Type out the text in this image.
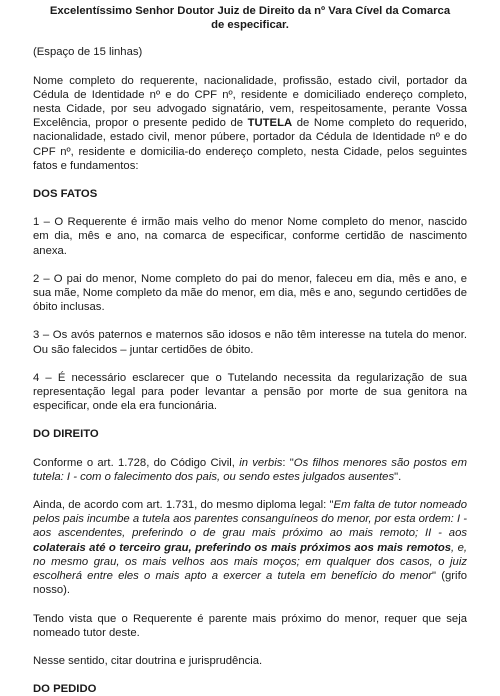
Excelentíssimo Senhor Doutor Juiz de Direito da nº Vara Cível da Comarca
de especificar.

(Espaço de 15 linhas)

Nome completo do requerente, nacionalidade, profissão, estado civil, portador da Cédula de Identidade nº e do CPF nº, residente e domiciliado endereço completo, nesta Cidade, por seu advogado signatário, vem, respeitosamente, perante Vossa Excelência, propor o presente pedido de TUTELA de Nome completo do requerido, nacionalidade, estado civil, menor púbere, portador da Cédula de Identidade nº e do CPF nº, residente e domicilia-do endereço completo, nesta Cidade, pelos seguintes fatos e fundamentos:

DOS FATOS

1 – O Requerente é irmão mais velho do menor Nome completo do menor, nascido em dia, mês e ano, na comarca de especificar, conforme certidão de nascimento anexa.

2 – O pai do menor, Nome completo do pai do menor, faleceu em dia, mês e ano, e sua mãe, Nome completo da mãe do menor, em dia, mês e ano, segundo certidões de óbito inclusas.

3 – Os avós paternos e maternos são idosos e não têm interesse na tutela do menor. Ou são falecidos – juntar certidões de óbito.

4 – É necessário esclarecer que o Tutelando necessita da regularização de sua representação legal para poder levantar a pensão por morte de sua genitora na especificar, onde ela era funcionária.

DO DIREITO

Conforme o art. 1.728, do Código Civil, in verbis: "Os filhos menores são postos em tutela: I - com o falecimento dos pais, ou sendo estes julgados ausentes".

Ainda, de acordo com art. 1.731, do mesmo diploma legal: "Em falta de tutor nomeado pelos pais incumbe a tutela aos parentes consanguíneos do menor, por esta ordem: I - aos ascendentes, preferindo o de grau mais próximo ao mais remoto; II - aos colaterais até o terceiro grau, preferindo os mais próximos aos mais remotos, e, no mesmo grau, os mais velhos aos mais moços; em qualquer dos casos, o juiz escolherá entre eles o mais apto a exercer a tutela em benefício do menor" (grifo nosso).

Tendo vista que o Requerente é parente mais próximo do menor, requer que seja nomeado tutor deste.

Nesse sentido, citar doutrina e jurisprudência.

DO PEDIDO
